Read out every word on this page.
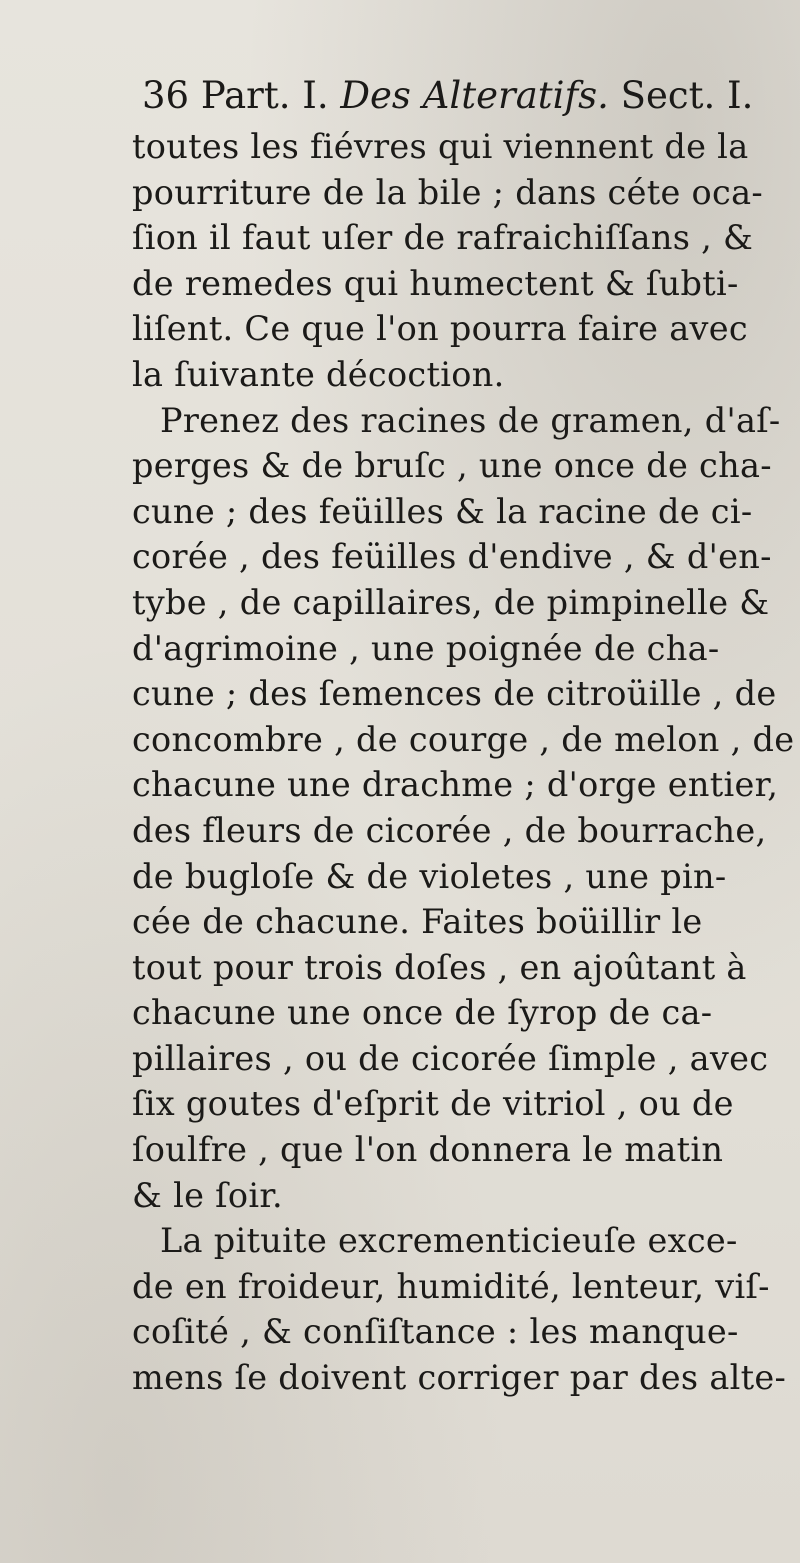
36 Part. I. Des Alteratifs. Sect. I.
toutes les fiévres qui viennent de la
pourriture de la bile ; dans céte oca-
ſion il faut uſer de rafraichiſſans , &
de remedes qui humectent & ſubti-
liſent. Ce que l'on pourra faire avec
la ſuivante décoction.
Prenez des racines de gramen, d'aſ-
perges & de bruſc , une once de cha-
cune ; des feüilles & la racine de ci-
corée , des feüilles d'endive , & d'en-
tybe , de capillaires, de pimpinelle &
d'agrimoine , une poignée de cha-
cune ; des ſemences de citroüille , de
concombre , de courge , de melon , de
chacune une drachme ; d'orge entier,
des fleurs de cicorée , de bourrache,
de bugloſe & de violetes , une pin-
cée de chacune. Faites boüillir le
tout pour trois doſes , en ajoûtant à
chacune une once de ſyrop de ca-
pillaires , ou de cicorée ſimple , avec
ſix goutes d'eſprit de vitriol , ou de
ſoulfre , que l'on donnera le matin
& le ſoir.
La pituite excrementicieuſe exce-
de en froideur, humidité, lenteur, viſ-
coſité , & conſiſtance : les manque-
mens ſe doivent corriger par des alte-
